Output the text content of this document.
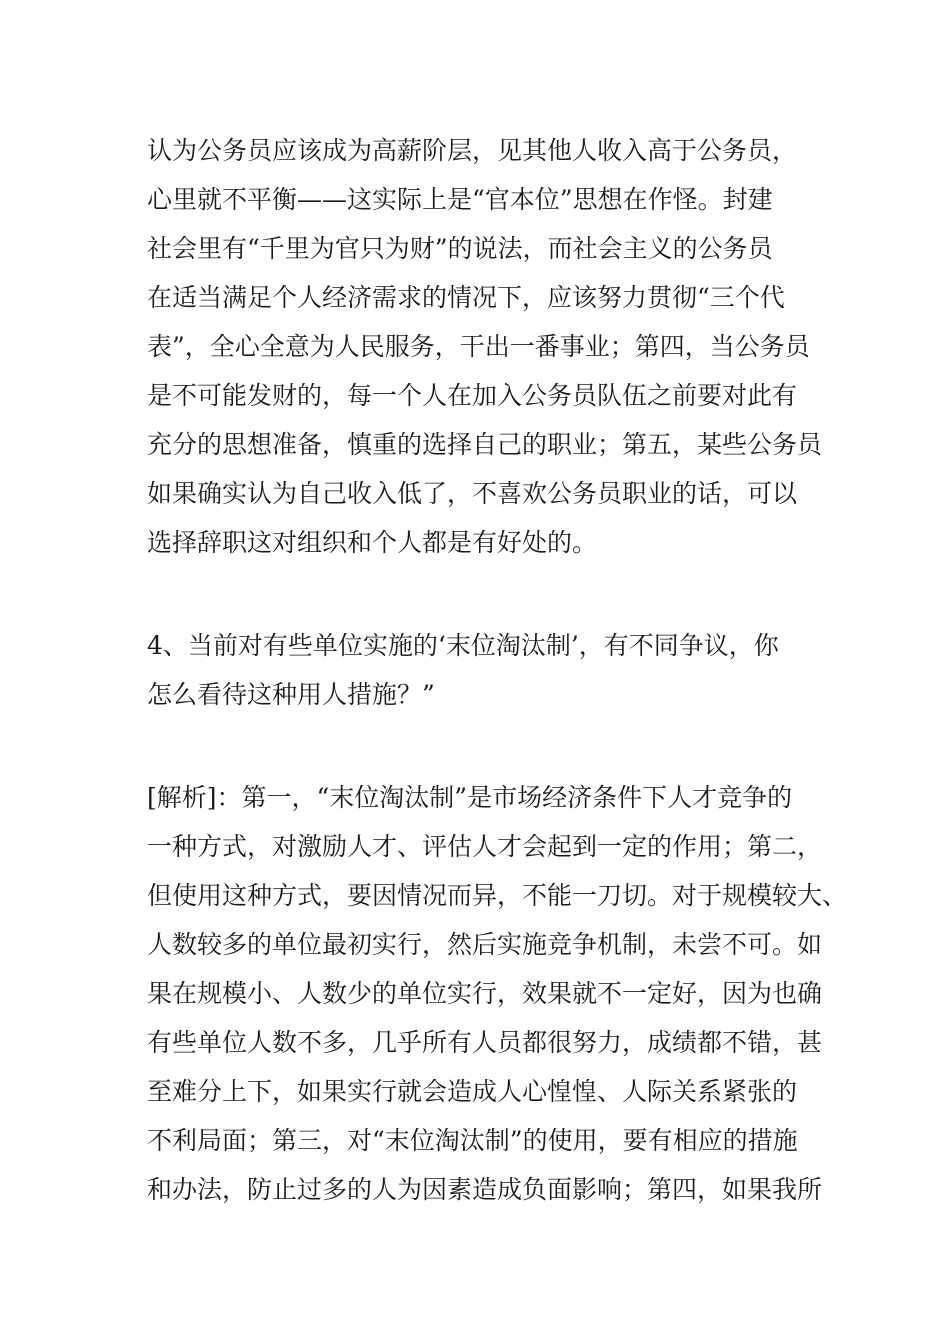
认为公务员应该成为高薪阶层，见其他人收入高于公务员，
心里就不平衡——这实际上是“官本位”思想在作怪。封建
社会里有“千里为官只为财”的说法，而社会主义的公务员
在适当满足个人经济需求的情况下，应该努力贯彻“三个代
表”，全心全意为人民服务，干出一番事业；第四，当公务员
是不可能发财的，每一个人在加入公务员队伍之前要对此有
充分的思想准备，慎重的选择自己的职业；第五，某些公务员
如果确实认为自己收入低了，不喜欢公务员职业的话，可以
选择辞职这对组织和个人都是有好处的。
4、当前对有些单位实施的‘末位淘汰制’，有不同争议，你
怎么看待这种用人措施？”
[解析]：第一，“末位淘汰制”是市场经济条件下人才竞争的
一种方式，对激励人才、评估人才会起到一定的作用；第二，
但使用这种方式，要因情况而异，不能一刀切。对于规模较大、
人数较多的单位最初实行，然后实施竞争机制，未尝不可。如
果在规模小、人数少的单位实行，效果就不一定好，因为也确
有些单位人数不多，几乎所有人员都很努力，成绩都不错，甚
至难分上下，如果实行就会造成人心惶惶、人际关系紧张的
不利局面；第三，对“末位淘汰制”的使用，要有相应的措施
和办法，防止过多的人为因素造成负面影响；第四，如果我所
